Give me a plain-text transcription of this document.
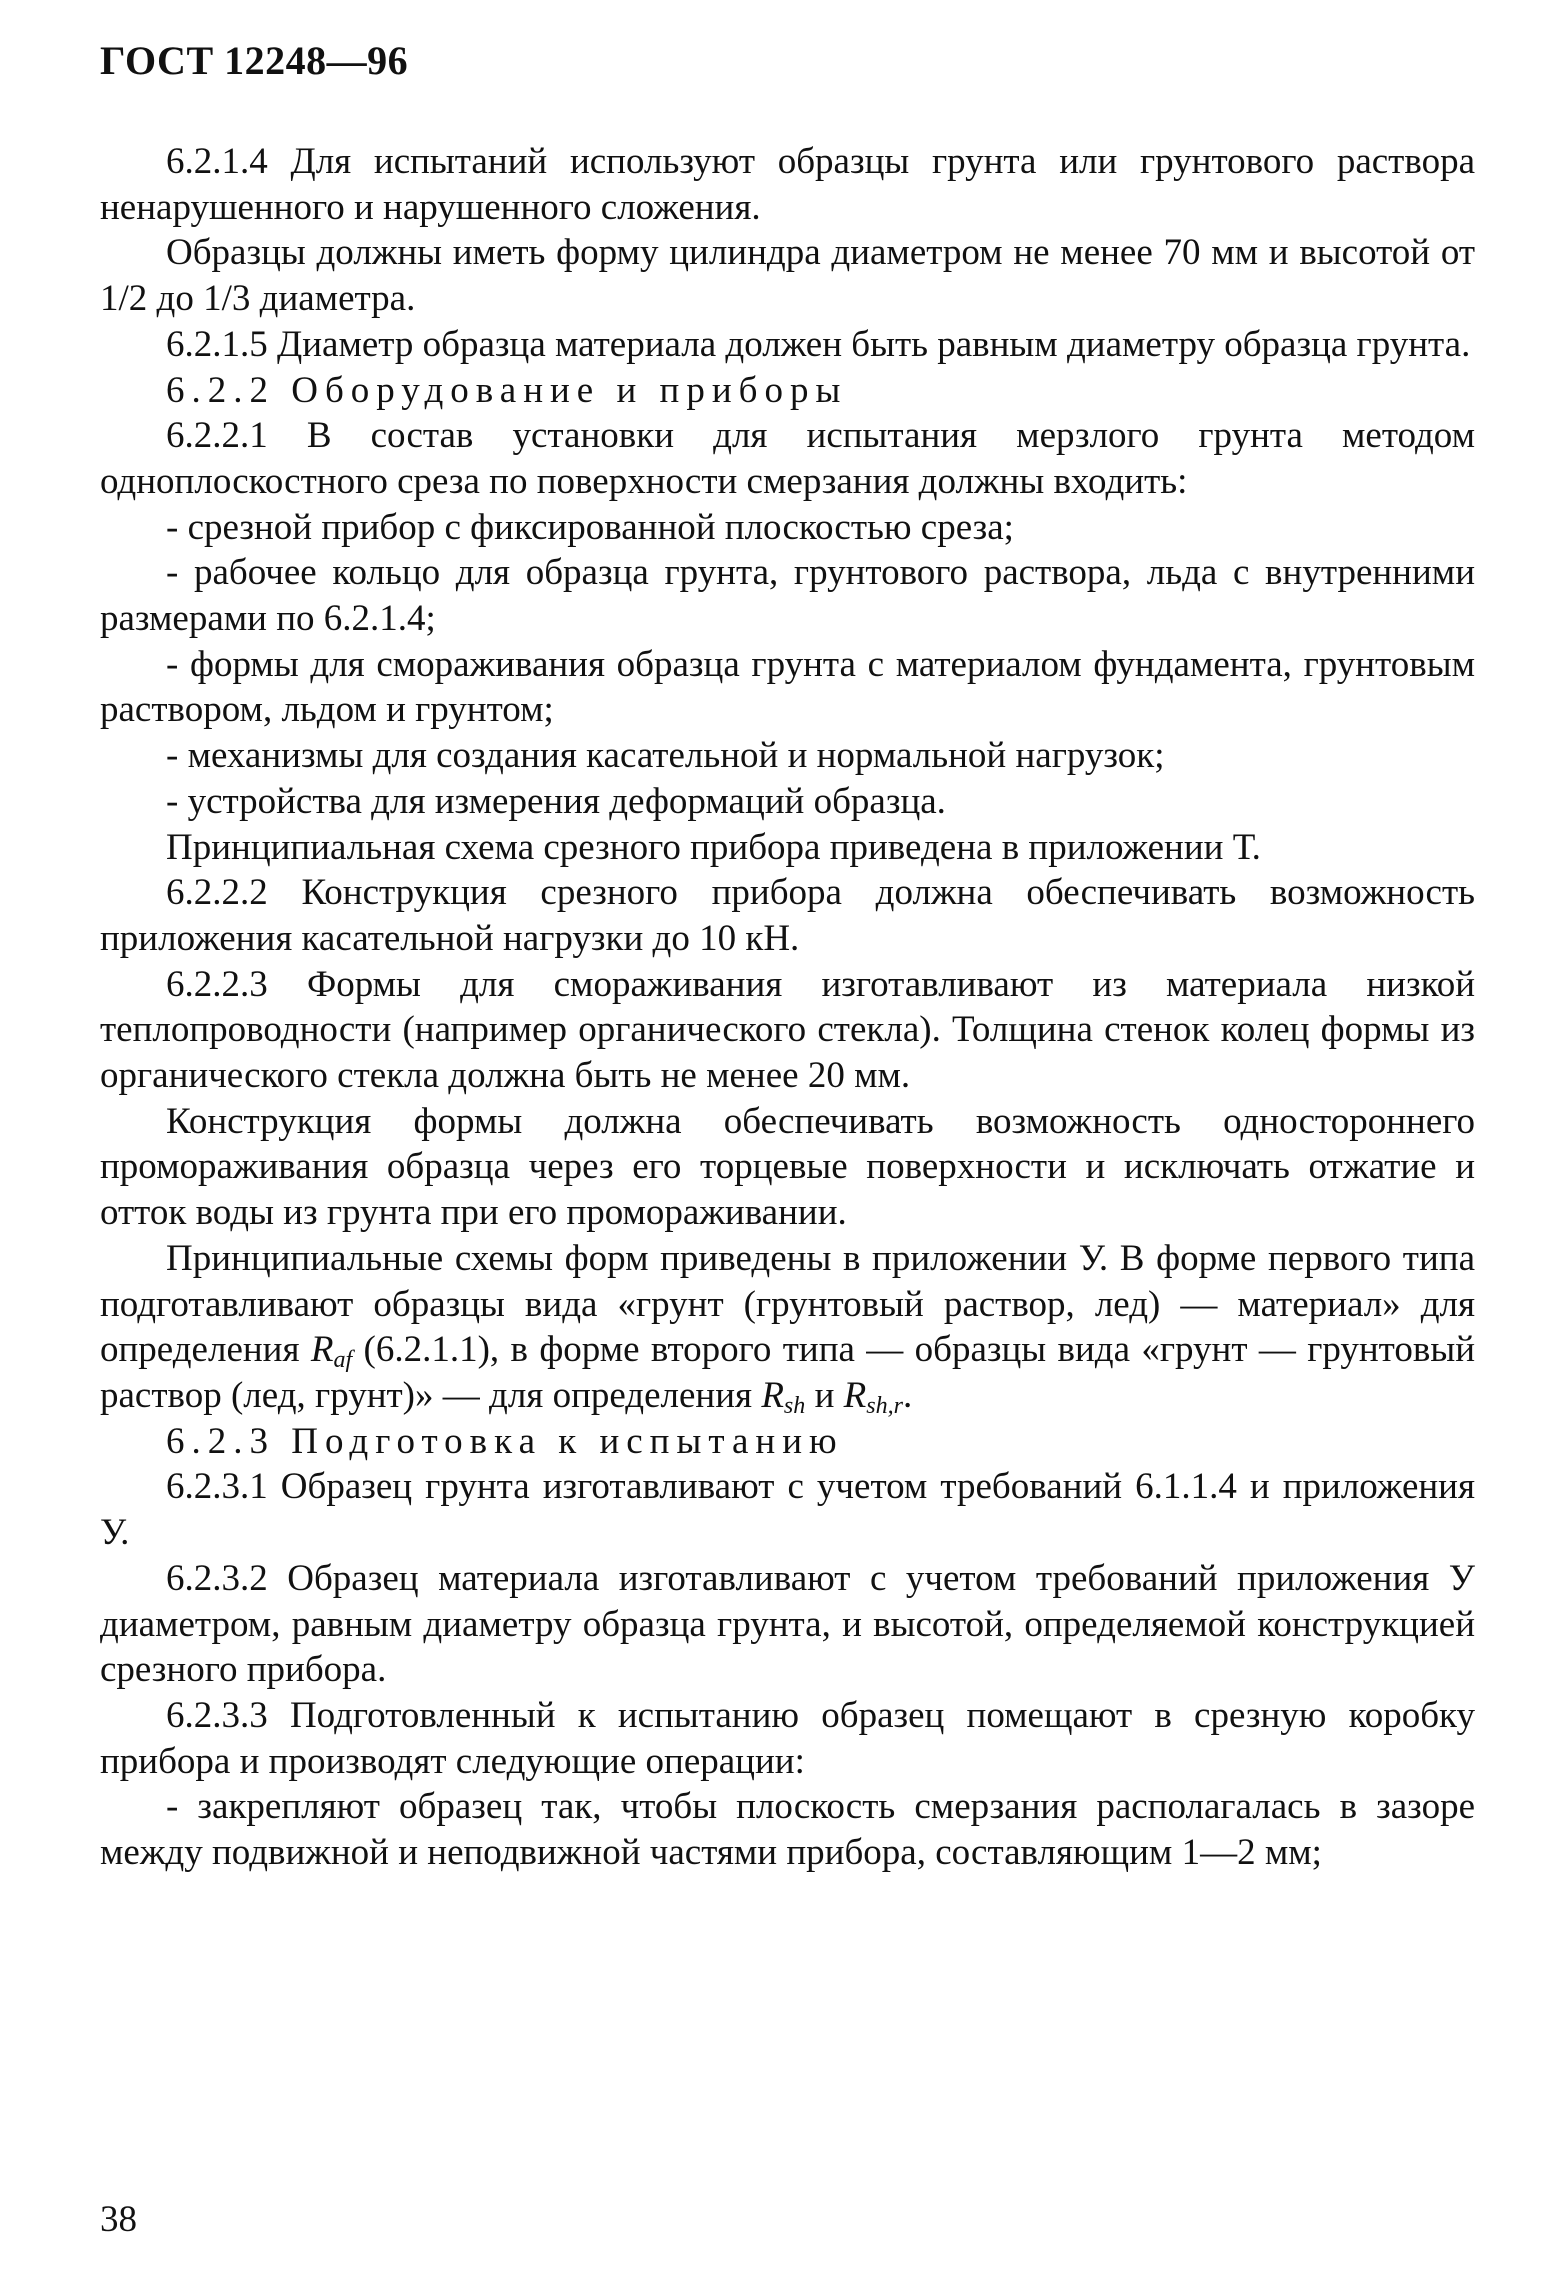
ГОСТ 12248—96

6.2.1.4 Для испытаний используют образцы грунта или грунтового раствора ненарушенного и нарушенного сложения.

Образцы должны иметь форму цилиндра диаметром не менее 70 мм и высотой от 1/2 до 1/3 диаметра.

6.2.1.5 Диаметр образца материала должен быть равным диаметру образца грунта.

6.2.2 Оборудование и приборы

6.2.2.1 В состав установки для испытания мерзлого грунта методом одноплоскостного среза по поверхности смерзания должны входить:

- срезной прибор с фиксированной плоскостью среза;

- рабочее кольцо для образца грунта, грунтового раствора, льда с внутренними размерами по 6.2.1.4;

- формы для смораживания образца грунта с материалом фундамента, грунтовым раствором, льдом и грунтом;

- механизмы для создания касательной и нормальной нагрузок;

- устройства для измерения деформаций образца.

Принципиальная схема срезного прибора приведена в приложении Т.

6.2.2.2 Конструкция срезного прибора должна обеспечивать возможность приложения касательной нагрузки до 10 кН.

6.2.2.3 Формы для смораживания изготавливают из материала низкой теплопроводности (например органического стекла). Толщина стенок колец формы из органического стекла должна быть не менее 20 мм.

Конструкция формы должна обеспечивать возможность одностороннего промораживания образца через его торцевые поверхности и исключать отжатие и отток воды из грунта при его промораживании.

Принципиальные схемы форм приведены в приложении У. В форме первого типа подготавливают образцы вида «грунт (грунтовый раствор, лед) — материал» для определения $R_{af}$ (6.2.1.1), в форме второго типа — образцы вида «грунт — грунтовый раствор (лед, грунт)» — для определения $R_{sh}$ и $R_{sh,r}$.

6.2.3 Подготовка к испытанию

6.2.3.1 Образец грунта изготавливают с учетом требований 6.1.1.4 и приложения У.

6.2.3.2 Образец материала изготавливают с учетом требований приложения У диаметром, равным диаметру образца грунта, и высотой, определяемой конструкцией срезного прибора.

6.2.3.3 Подготовленный к испытанию образец помещают в срезную коробку прибора и производят следующие операции:

- закрепляют образец так, чтобы плоскость смерзания располагалась в зазоре между подвижной и неподвижной частями прибора, составляющим 1—2 мм;

38
